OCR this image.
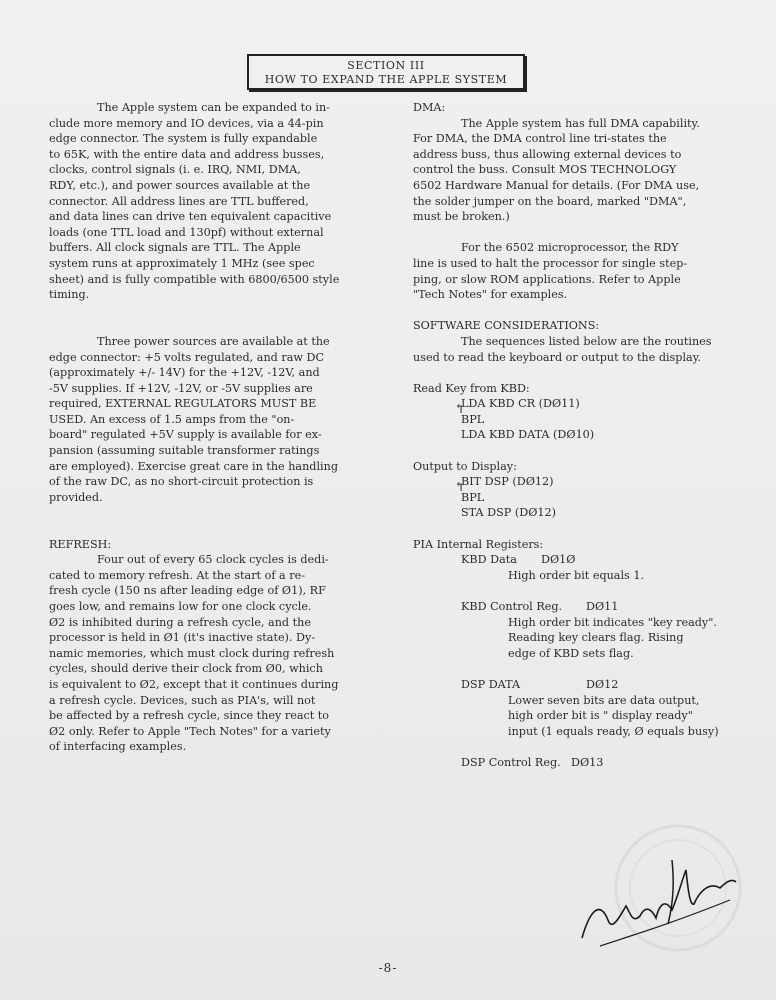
SECTION III
HOW TO EXPAND THE APPLE SYSTEM

The Apple system can be expanded to in-

clude more memory and IO devices, via a 44-pin

edge connector. The system is fully expandable

to 65K, with the entire data and address busses,

clocks, control signals (i. e. IRQ, NMI, DMA,

RDY, etc.), and power sources available at the

connector. All address lines are TTL buffered,

and data lines can drive ten equivalent capacitive

loads (one TTL load and 130pf) without external

buffers. All clock signals are TTL. The Apple

system runs at approximately 1 MHz (see spec

sheet) and is fully compatible with 6800/6500 style

timing.

Three power sources are available at the

edge connector: +5 volts regulated, and raw DC

(approximately +/- 14V) for the +12V, -12V, and

-5V supplies. If +12V, -12V, or -5V supplies are

required, EXTERNAL REGULATORS MUST BE

USED. An excess of 1.5 amps from the "on-

board" regulated +5V supply is available for ex-

pansion (assuming suitable transformer ratings

are employed). Exercise great care in the handling

of the raw DC, as no short-circuit protection is

provided.

REFRESH:

Four out of every 65 clock cycles is dedi-

cated to memory refresh. At the start of a re-

fresh cycle (150 ns after leading edge of Ø1), RF

goes low, and remains low for one clock cycle.

Ø2 is inhibited during a refresh cycle, and the

processor is held in Ø1 (it's inactive state). Dy-

namic memories, which must clock during refresh

cycles, should derive their clock from Ø0, which

is equivalent to Ø2, except that it continues during

a refresh cycle. Devices, such as PIA's, will not

be affected by a refresh cycle, since they react to

Ø2 only. Refer to Apple "Tech Notes" for a variety

of interfacing examples.

DMA:

The Apple system has full DMA capability.

For DMA, the DMA control line tri-states the

address buss, thus allowing external devices to

control the buss. Consult MOS TECHNOLOGY

6502 Hardware Manual for details. (For DMA use,

the solder jumper on the board, marked "DMA",

must be broken.)

For the 6502 microprocessor, the RDY

line is used to halt the processor for single step-

ping, or slow ROM applications. Refer to Apple

"Tech Notes" for examples.

SOFTWARE CONSIDERATIONS:

The sequences listed below are the routines

used to read the keyboard or output to the display.

Read Key from KBD:

↰

LDA KBD CR (DØ11)

BPL

LDA KBD DATA (DØ10)

Output to Display:

↰

BIT DSP (DØ12)

BPL

STA DSP (DØ12)

PIA Internal Registers:

KBD Data DØ1Ø

High order bit equals 1.

KBD Control Reg. DØ11

High order bit indicates "key ready".

Reading key clears flag. Rising

edge of KBD sets flag.

DSP DATA	DØ12

Lower seven bits are data output,

high order bit is " display ready"

input (1 equals ready, Ø equals busy)

DSP Control Reg. DØ13

-8-
